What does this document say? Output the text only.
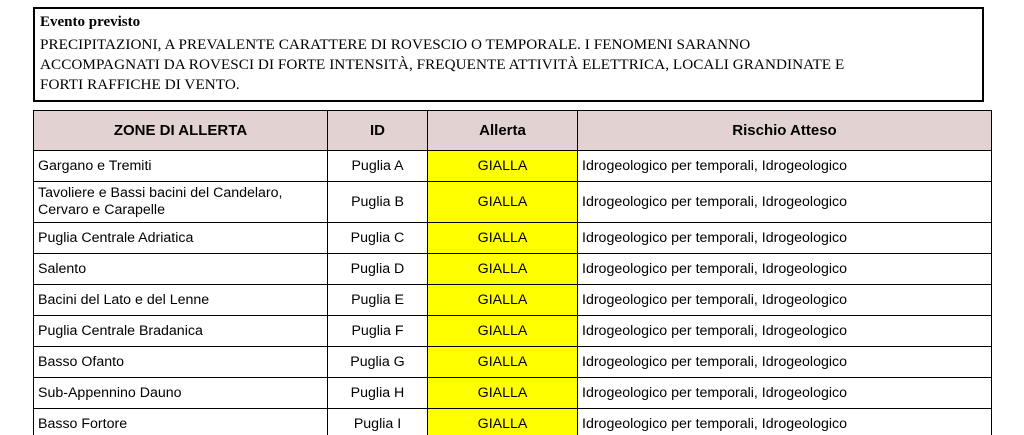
Evento previsto
PRECIPITAZIONI, A PREVALENTE CARATTERE DI ROVESCIO O TEMPORALE. I FENOMENI SARANNO
ACCOMPAGNATI DA ROVESCI DI FORTE INTENSITÀ, FREQUENTE ATTIVITÀ ELETTRICA, LOCALI GRANDINATE E
FORTI RAFFICHE DI VENTO.
ZONE DI ALLERTA	ID	Allerta	Rischio Atteso
Gargano e Tremiti	Puglia A	GIALLA	Idrogeologico per temporali, Idrogeologico
Tavoliere e Bassi bacini del Candelaro, Cervaro e Carapelle	Puglia B	GIALLA	Idrogeologico per temporali, Idrogeologico
Puglia Centrale Adriatica	Puglia C	GIALLA	Idrogeologico per temporali, Idrogeologico
Salento	Puglia D	GIALLA	Idrogeologico per temporali, Idrogeologico
Bacini del Lato e del Lenne	Puglia E	GIALLA	Idrogeologico per temporali, Idrogeologico
Puglia Centrale Bradanica	Puglia F	GIALLA	Idrogeologico per temporali, Idrogeologico
Basso Ofanto	Puglia G	GIALLA	Idrogeologico per temporali, Idrogeologico
Sub-Appennino Dauno	Puglia H	GIALLA	Idrogeologico per temporali, Idrogeologico
Basso Fortore	Puglia I	GIALLA	Idrogeologico per temporali, Idrogeologico
